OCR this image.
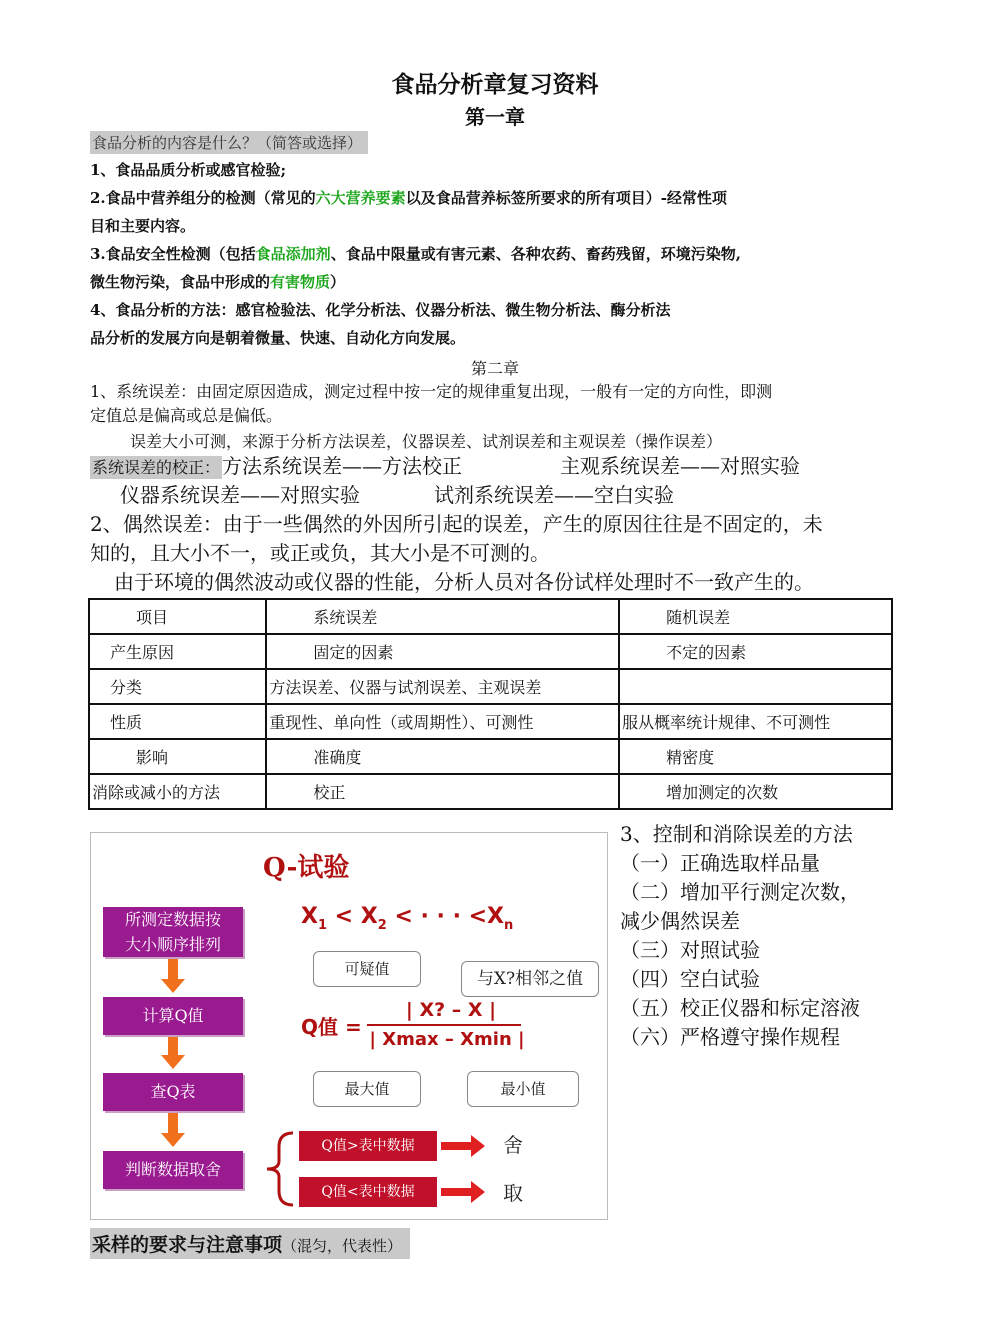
食品分析章复习资料
第一章
食品分析的内容是什么？（简答或选择）
1、食品品质分析或感官检验;
2.食品中营养组分的检测（常见的六大营养要素以及食品营养标签所要求的所有项目）-经常性项
目和主要内容。
3.食品安全性检测（包括食品添加剂、食品中限量或有害元素、各种农药、畜药残留，环境污染物,
微生物污染，食品中形成的有害物质）
4、食品分析的方法：感官检验法、化学分析法、仪器分析法、微生物分析法、酶分析法
品分析的发展方向是朝着微量、快速、自动化方向发展。
第二章
1、系统误差：由固定原因造成，测定过程中按一定的规律重复出现，一般有一定的方向性，即测
定值总是偏高或总是偏低。
误差大小可测，来源于分析方法误差，仪器误差、试剂误差和主观误差（操作误差）
系统误差的校正： 方法系统误差——方法校正	主观系统误差——对照实验
仪器系统误差——对照实验	试剂系统误差——空白实验
2、偶然误差：由于一些偶然的外因所引起的误差，产生的原因往往是不固定的，未
知的，且大小不一，或正或负，其大小是不可测的。
由于环境的偶然波动或仪器的性能，分析人员对各份试样处理时不一致产生的。
项目	系统误差	随机误差
产生原因	固定的因素	不定的因素
分类	方法误差、仪器与试剂误差、主观误差	
性质	重现性、单向性（或周期性）、可测性	服从概率统计规律、不可测性
影响	准确度	精密度
消除或减小的方法	校正	增加测定的次数
Q-试验
所测定数据按
大小顺序排列
计算Q值
查Q表
判断数据取舍
$X_1 < X_2$ < · · · $<X_n$
可疑值	与X?相邻之值
Q值 =
| X? – X |
| Xmax – Xmin |
最大值	最小值
Q值>表中数据	舍
Q值<表中数据	取
3、控制和消除误差的方法
（一）正确选取样品量
（二）增加平行测定次数，
减少偶然误差
（三）对照试验
（四）空白试验
（五）校正仪器和标定溶液
（六）严格遵守操作规程
采样的要求与注意事项（混匀，代表性）
